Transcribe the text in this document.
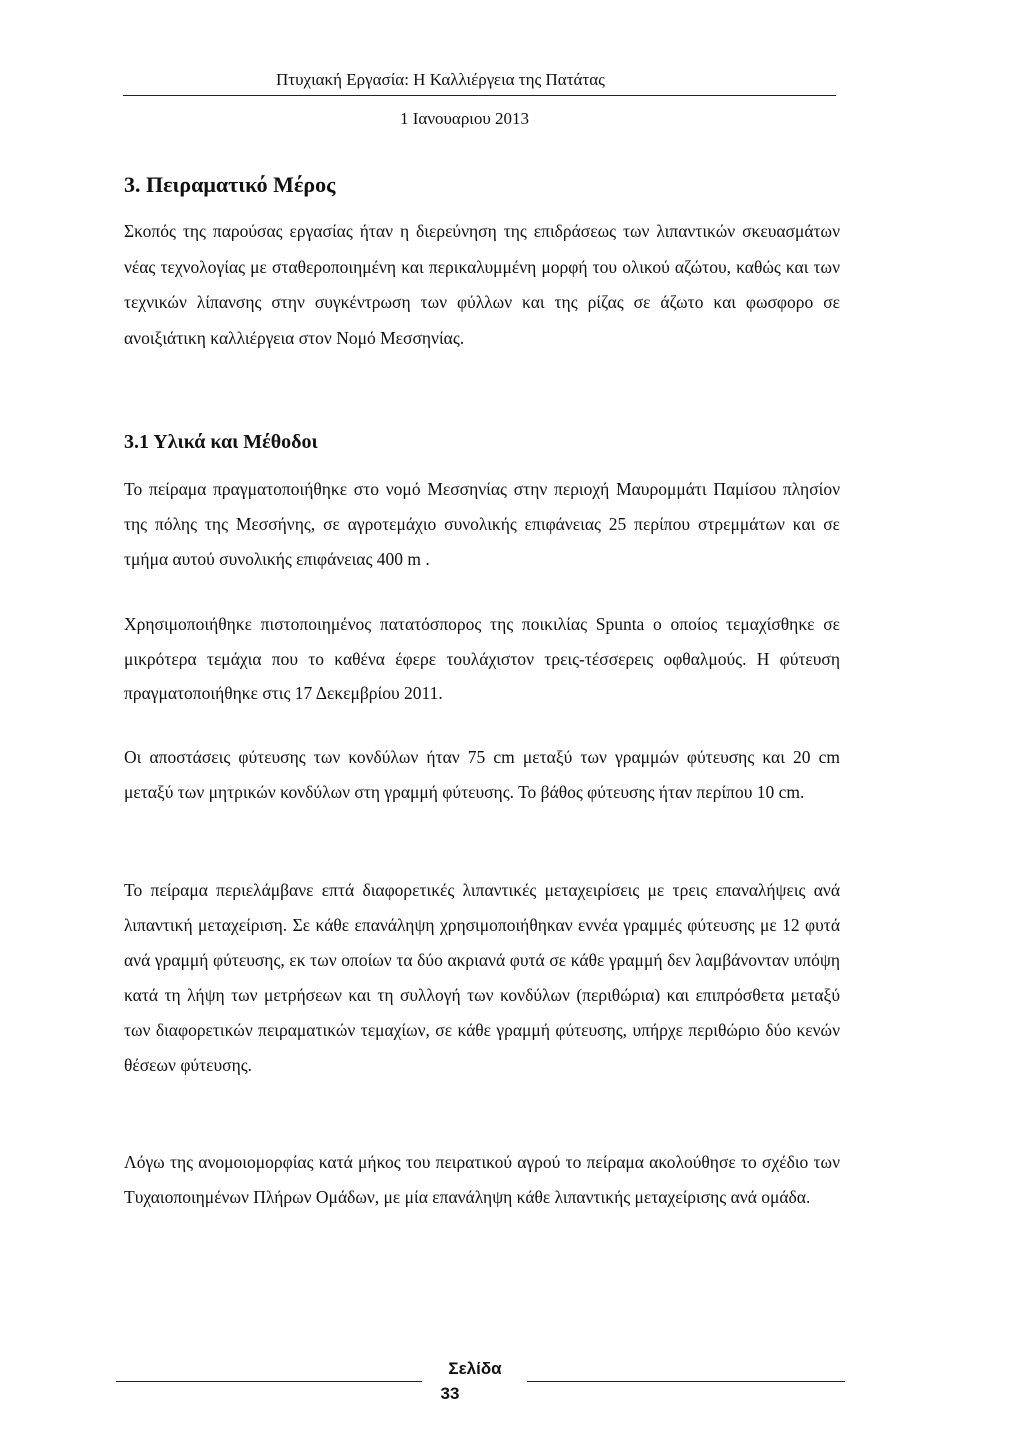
Πτυχιακή Εργασία: Η Καλλιέργεια της Πατάτας
1 Ιανουαριου 2013
3. Πειραματικό Μέρος

Σκοπός της παρούσας εργασίας ήταν η διερεύνηση της επιδράσεως των λιπαντικών σκευασμάτων νέας τεχνολογίας με σταθεροποιημένη και περικαλυμμένη μορφή του ολικού αζώτου, καθώς και των τεχνικών λίπανσης στην συγκέντρωση των φύλλων και της ρίζας σε άζωτο και φωσφορο σε ανοιξιάτικη καλλιέργεια στον Νομό Μεσσηνίας.

3.1 Υλικά και Μέθοδοι

Το πείραμα πραγματοποιήθηκε στο νομό Μεσσηνίας στην περιοχή Μαυρομμάτι Παμίσου πλησίον της πόλης της Μεσσήνης, σε αγροτεμάχιο συνολικής επιφάνειας 25 περίπου στρεμμάτων και σε τμήμα αυτού συνολικής επιφάνειας 400 m .

Χρησιμοποιήθηκε πιστοποιημένος πατατόσπορος της ποικιλίας Spunta ο οποίος τεμαχίσθηκε σε μικρότερα τεμάχια που το καθένα έφερε τουλάχιστον τρεις-τέσσερεις οφθαλμούς. Η φύτευση πραγματοποιήθηκε στις 17 Δεκεμβρίου 2011.

Οι αποστάσεις φύτευσης των κονδύλων ήταν 75 cm μεταξύ των γραμμών φύτευσης και 20 cm μεταξύ των μητρικών κονδύλων στη γραμμή φύτευσης. Το βάθος φύτευσης ήταν περίπου 10 cm.

Το πείραμα περιελάμβανε επτά διαφορετικές λιπαντικές μεταχειρίσεις με τρεις επαναλήψεις ανά λιπαντική μεταχείριση. Σε κάθε επανάληψη χρησιμοποιήθηκαν εννέα γραμμές φύτευσης με 12 φυτά ανά γραμμή φύτευσης, εκ των οποίων τα δύο ακριανά φυτά σε κάθε γραμμή δεν λαμβάνονταν υπόψη κατά τη λήψη των μετρήσεων και τη συλλογή των κονδύλων (περιθώρια) και επιπρόσθετα μεταξύ των διαφορετικών πειραματικών τεμαχίων, σε κάθε γραμμή φύτευσης, υπήρχε περιθώριο δύο κενών θέσεων φύτευσης.

Λόγω της ανομοιομορφίας κατά μήκος του πειρατικού αγρού το πείραμα ακολούθησε το σχέδιο των Τυχαιοποιημένων Πλήρων Ομάδων, με μία επανάληψη κάθε λιπαντικής μεταχείρισης ανά ομάδα.

Σελίδα
33
